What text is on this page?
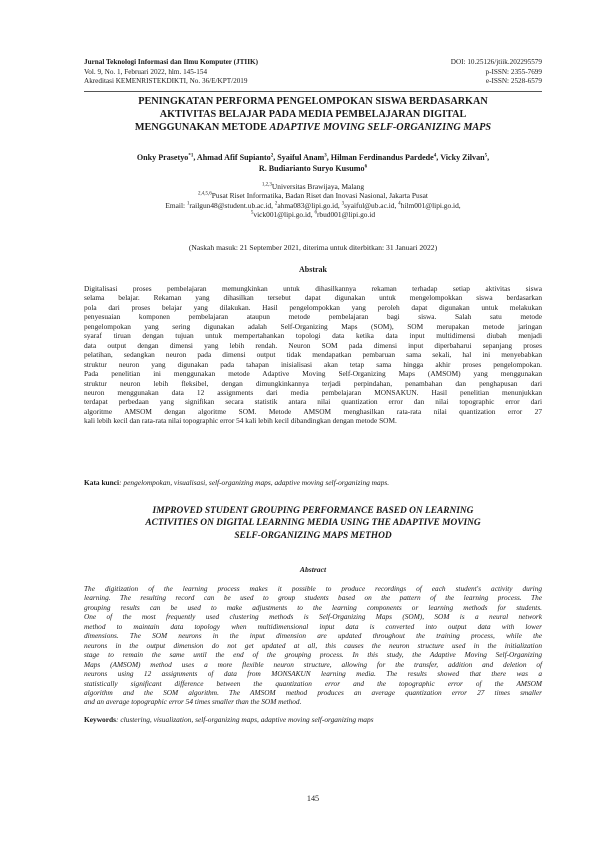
Jurnal Teknologi Informasi dan Ilmu Komputer (JTIIK)
Vol. 9, No. 1, Februari 2022, hlm. 145-154
Akreditasi KEMENRISTEKDIKTI, No. 36/E/KPT/2019
DOI: 10.25126/jtiik.202295579
p-ISSN: 2355-7699
e-ISSN: 2528-6579
PENINGKATAN PERFORMA PENGELOMPOKAN SISWA BERDASARKAN
AKTIVITAS BELAJAR PADA MEDIA PEMBELAJARAN DIGITAL
MENGGUNAKAN METODE ADAPTIVE MOVING SELF-ORGANIZING MAPS
Onky Prasetyo$^{*1}$, Ahmad Afif Supianto$^2$, Syaiful Anam$^3$, Hilman Ferdinandus Pardede$^4$, Vicky Zilvan$^5$,
R. Budiarianto Suryo Kusumo$^6$
$^{1,2,3}$Universitas Brawijaya, Malang
$^{2,4,5,6}$Pusat Riset Informatika, Badan Riset dan Inovasi Nasional, Jakarta Pusat
Email: $^1$railgun48@student.ub.ac.id, $^2$ahma083@lipi.go.id, $^3$syaiful@ub.ac.id, $^4$hilm001@lipi.go.id,
$^5$vick001@lipi.go.id, $^6$rbud001@lipi.go.id
(Naskah masuk: 21 September 2021, diterima untuk diterbitkan: 31 Januari 2022)
Abstrak
Digitalisasi proses pembelajaran memungkinkan untuk dihasilkannya rekaman terhadap setiap aktivitas siswa
selama belajar. Rekaman yang dihasilkan tersebut dapat digunakan untuk mengelompokkan siswa berdasarkan
pola dari proses belajar yang dilakukan. Hasil pengelompokkan yang peroleh dapat digunakan untuk melakukan
penyesuaian komponen pembelajaran ataupun metode pembelajaran bagi siswa. Salah satu metode
pengelompokan yang sering digunakan adalah Self-Organizing Maps (SOM), SOM merupakan metode jaringan
syaraf tiruan dengan tujuan untuk mempertahankan topologi data ketika data input multidimensi diubah menjadi
data output dengan dimensi yang lebih rendah. Neuron SOM pada dimensi input diperbaharui sepanjang proses
pelatihan, sedangkan neuron pada dimensi output tidak mendapatkan pembaruan sama sekali, hal ini menyebabkan
struktur neuron yang digunakan pada tahapan inisialisasi akan tetap sama hingga akhir proses pengelompokan.
Pada penelitian ini menggunakan metode Adaptive Moving Self-Organizing Maps (AMSOM) yang menggunakan
struktur neuron lebih fleksibel, dengan dimungkinkannya terjadi perpindahan, penambahan dan penghapusan dari
neuron menggunakan data 12 assignments dari media pembelajaran MONSAKUN. Hasil penelitian menunjukkan
terdapat perbedaan yang signifikan secara statistik antara nilai quantization error dan nilai topographic error dari
algoritme AMSOM dengan algoritme SOM. Metode AMSOM menghasilkan rata-rata nilai quantization error 27
kali lebih kecil dan rata-rata nilai topographic error 54 kali lebih kecil dibandingkan dengan metode SOM.
Kata kunci: pengelompokan, visualisasi, self-organizing maps, adaptive moving self-organizing maps.
IMPROVED STUDENT GROUPING PERFORMANCE BASED ON LEARNING
ACTIVITIES ON DIGITAL LEARNING MEDIA USING THE ADAPTIVE MOVING
SELF-ORGANIZING MAPS METHOD
Abstract
The digitization of the learning process makes it possible to produce recordings of each student's activity during
learning. The resulting record can be used to group students based on the pattern of the learning process. The
grouping results can be used to make adjustments to the learning components or learning methods for students.
One of the most frequently used clustering methods is Self-Organizing Maps (SOM), SOM is a neural network
method to maintain data topology when multidimensional input data is converted into output data with lower
dimensions. The SOM neurons in the input dimension are updated throughout the training process, while the
neurons in the output dimension do not get updated at all, this causes the neuron structure used in the initialization
stage to remain the same until the end of the grouping process. In this study, the Adaptive Moving Self-Organizing
Maps (AMSOM) method uses a more flexible neuron structure, allowing for the transfer, addition and deletion of
neurons using 12 assignments of data from MONSAKUN learning media. The results showed that there was a
statistically significant difference between the quantization error and the topographic error of the AMSOM
algorithm and the SOM algorithm. The AMSOM method produces an average quantization error 27 times smaller
and an average topographic error 54 times smaller than the SOM method.
Keywords: clustering, visualization, self-organizing maps, adaptive moving self-organizing maps
145
